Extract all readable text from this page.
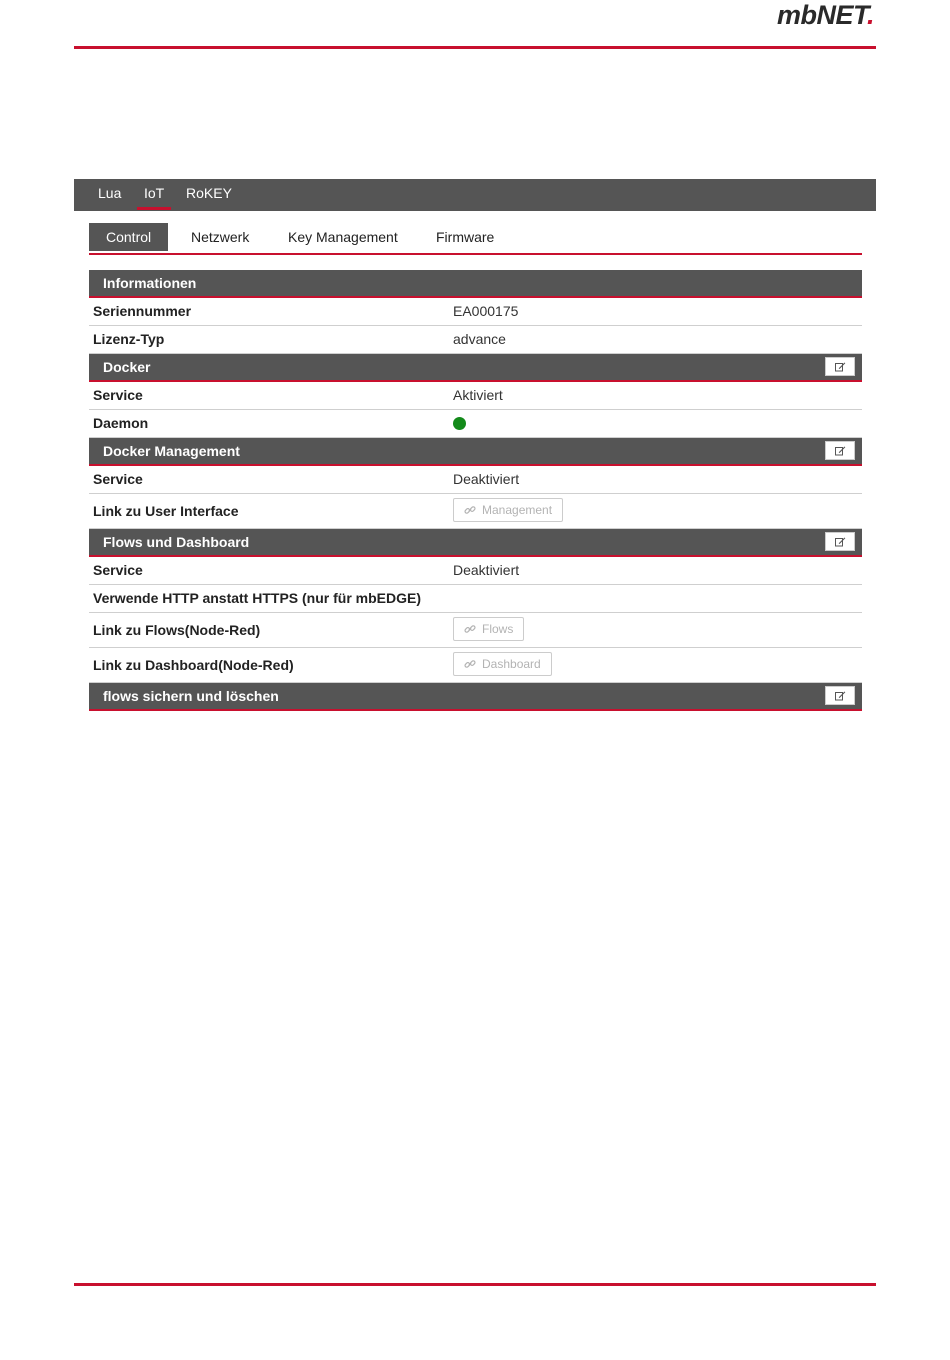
mbNET.
Lua IoT RoKEY
Control	Netzwerk	Key Management	Firmware
Informationen
Seriennummer	EA000175
Lizenz-Typ	advance
Docker
Service	Aktiviert
Daemon
Docker Management
Service	Deaktiviert
Link zu User Interface	Management
Flows und Dashboard
Service	Deaktiviert
Verwende HTTP anstatt HTTPS (nur für mbEDGE)
Link zu Flows(Node-Red)	Flows
Link zu Dashboard(Node-Red)	Dashboard
flows sichern und löschen
